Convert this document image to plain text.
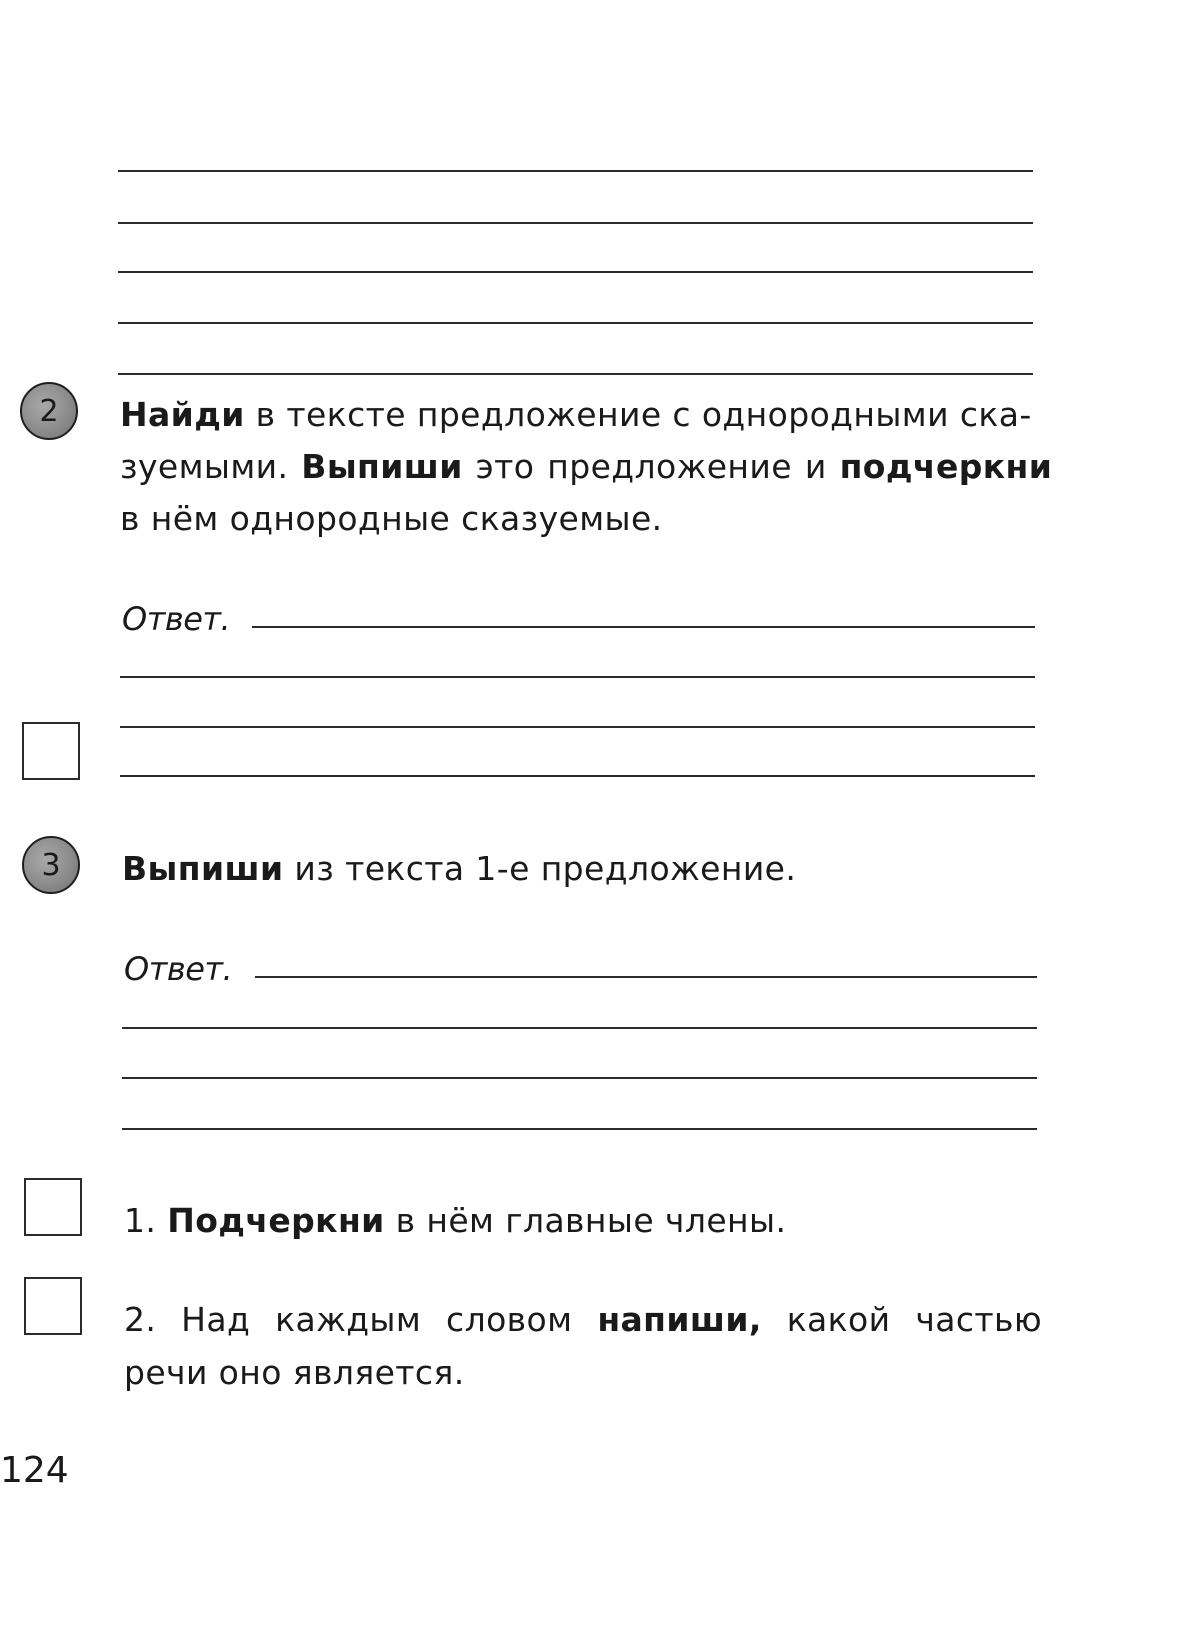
2 Найди в тексте предложение с однородными ска-
зуемыми. Выпиши это предложение и подчеркни
в нём однородные сказуемые.
Ответ.
3 Выпиши из текста 1-е предложение.
Ответ.
1. Подчеркни в нём главные члены.
2. Над каждым словом напиши, какой частью
речи оно является.
124
